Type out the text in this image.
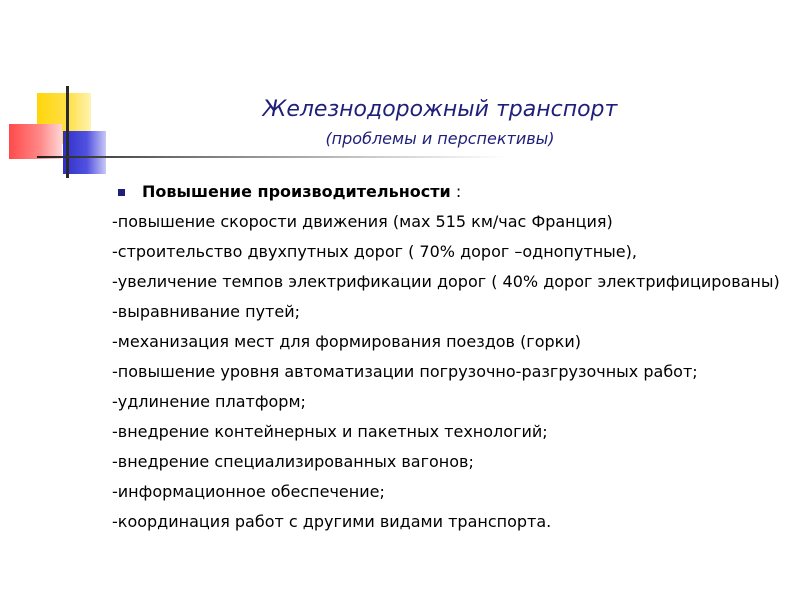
Железнодорожный транспорт
(проблемы и перспективы)
Повышение производительности :
-повышение скорости движения (мах 515 км/час Франция)
-строительство двухпутных дорог ( 70% дорог –однопутные),
-увеличение темпов электрификации дорог ( 40% дорог электрифицированы)
-выравнивание путей;
-механизация мест для формирования поездов (горки)
-повышение уровня автоматизации погрузочно-разгрузочных работ;
-удлинение платформ;
-внедрение контейнерных и пакетных технологий;
-внедрение специализированных вагонов;
-информационное обеспечение;
-координация работ с другими видами транспорта.
